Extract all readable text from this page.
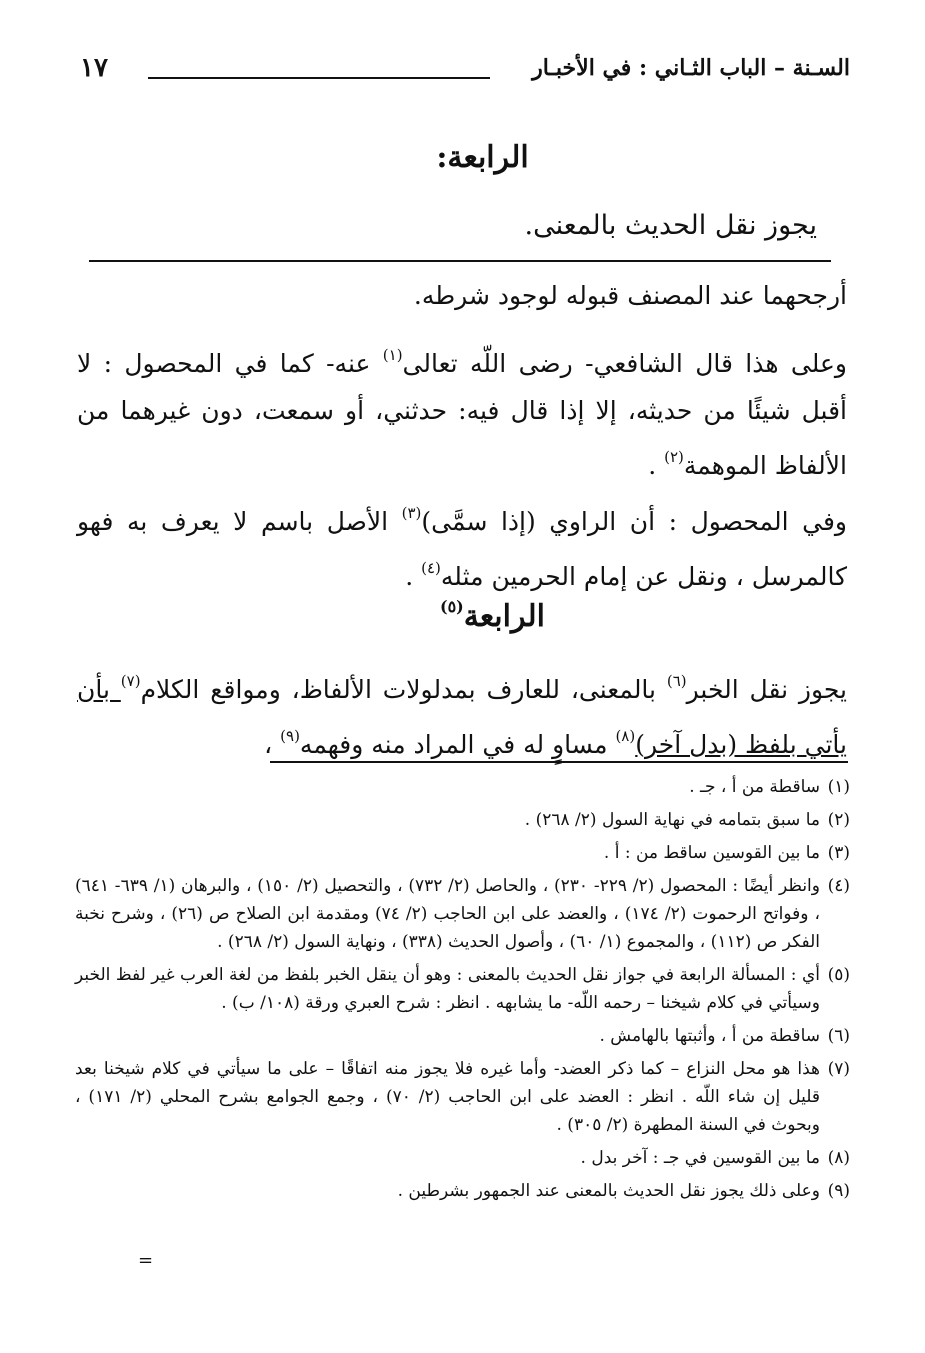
السـنة – الباب الثـاني : في الأخبـار
١٧
الرابعة:
يجوز نقل الحديث بالمعنى.

أرجحهما عند المصنف قبوله لوجود شرطه.

وعلى هذا قال الشافعي- رضى اللّه تعالى$^{(١)}$ عنه- كما في المحصول : لا أقبل شيئًا من حديثه، إلا إذا قال فيه: حدثني، أو سمعت، دون غيرهما من الألفاظ الموهمة$^{(٢)}$ .

وفي المحصول : أن الراوي (إذا سمَّى)$^{(٣)}$ الأصل باسم لا يعرف به فهو كالمرسل ، ونقل عن إمام الحرمين مثله$^{(٤)}$ .

الرابعة$^{(٥)}$

يجوز نقل الخبر$^{(٦)}$ بالمعنى، للعارف بمدلولات الألفاظ، ومواقع الكلام$^{(٧)}$ بأن يأتي بلفظ (بدل آخر)$^{(٨)}$ مساوٍ له في المراد منه وفهمه$^{(٩)}$ ،

(١)
ساقطة من أ ، جـ .

(٢)
ما سبق بتمامه في نهاية السول (٢/ ٢٦٨) .

(٣)
ما بين القوسين ساقط من : أ .

(٤)
وانظر أيضًا : المحصول (٢/ ٢٢٩- ٢٣٠) ، والحاصل (٢/ ٧٣٢) ، والتحصيل (٢/ ١٥٠) ، والبرهان (١/ ٦٣٩- ٦٤١) ، وفواتح الرحموت (٢/ ١٧٤) ، والعضد على ابن الحاجب (٢/ ٧٤) ومقدمة ابن الصلاح ص (٢٦) ، وشرح نخبة الفكر ص (١١٢) ، والمجموع (١/ ٦٠) ، وأصول الحديث (٣٣٨) ، ونهاية السول (٢/ ٢٦٨) .

(٥)
أي : المسألة الرابعة في جواز نقل الحديث بالمعنى : وهو أن ينقل الخبر بلفظ من لغة العرب غير لفظ الخبر وسيأتي في كلام شيخنا – رحمه اللّه- ما يشابهه . انظر : شرح العبري ورقة (١٠٨/ ب) .

(٦)
ساقطة من أ ، وأثبتها بالهامش .

(٧)
هذا هو محل النزاع – كما ذكر العضد- وأما غيره فلا يجوز منه اتفاقًا – على ما سيأتي في كلام شيخنا بعد قليل إن شاء اللّه . انظر : العضد على ابن الحاجب (٢/ ٧٠) ، وجمع الجوامع بشرح المحلي (٢/ ١٧١) ، وبحوث في السنة المطهرة (٢/ ٣٠٥) .

(٨)
ما بين القوسين في جـ : آخر بدل .

(٩)
وعلى ذلك يجوز نقل الحديث بالمعنى عند الجمهور بشرطين .

=
